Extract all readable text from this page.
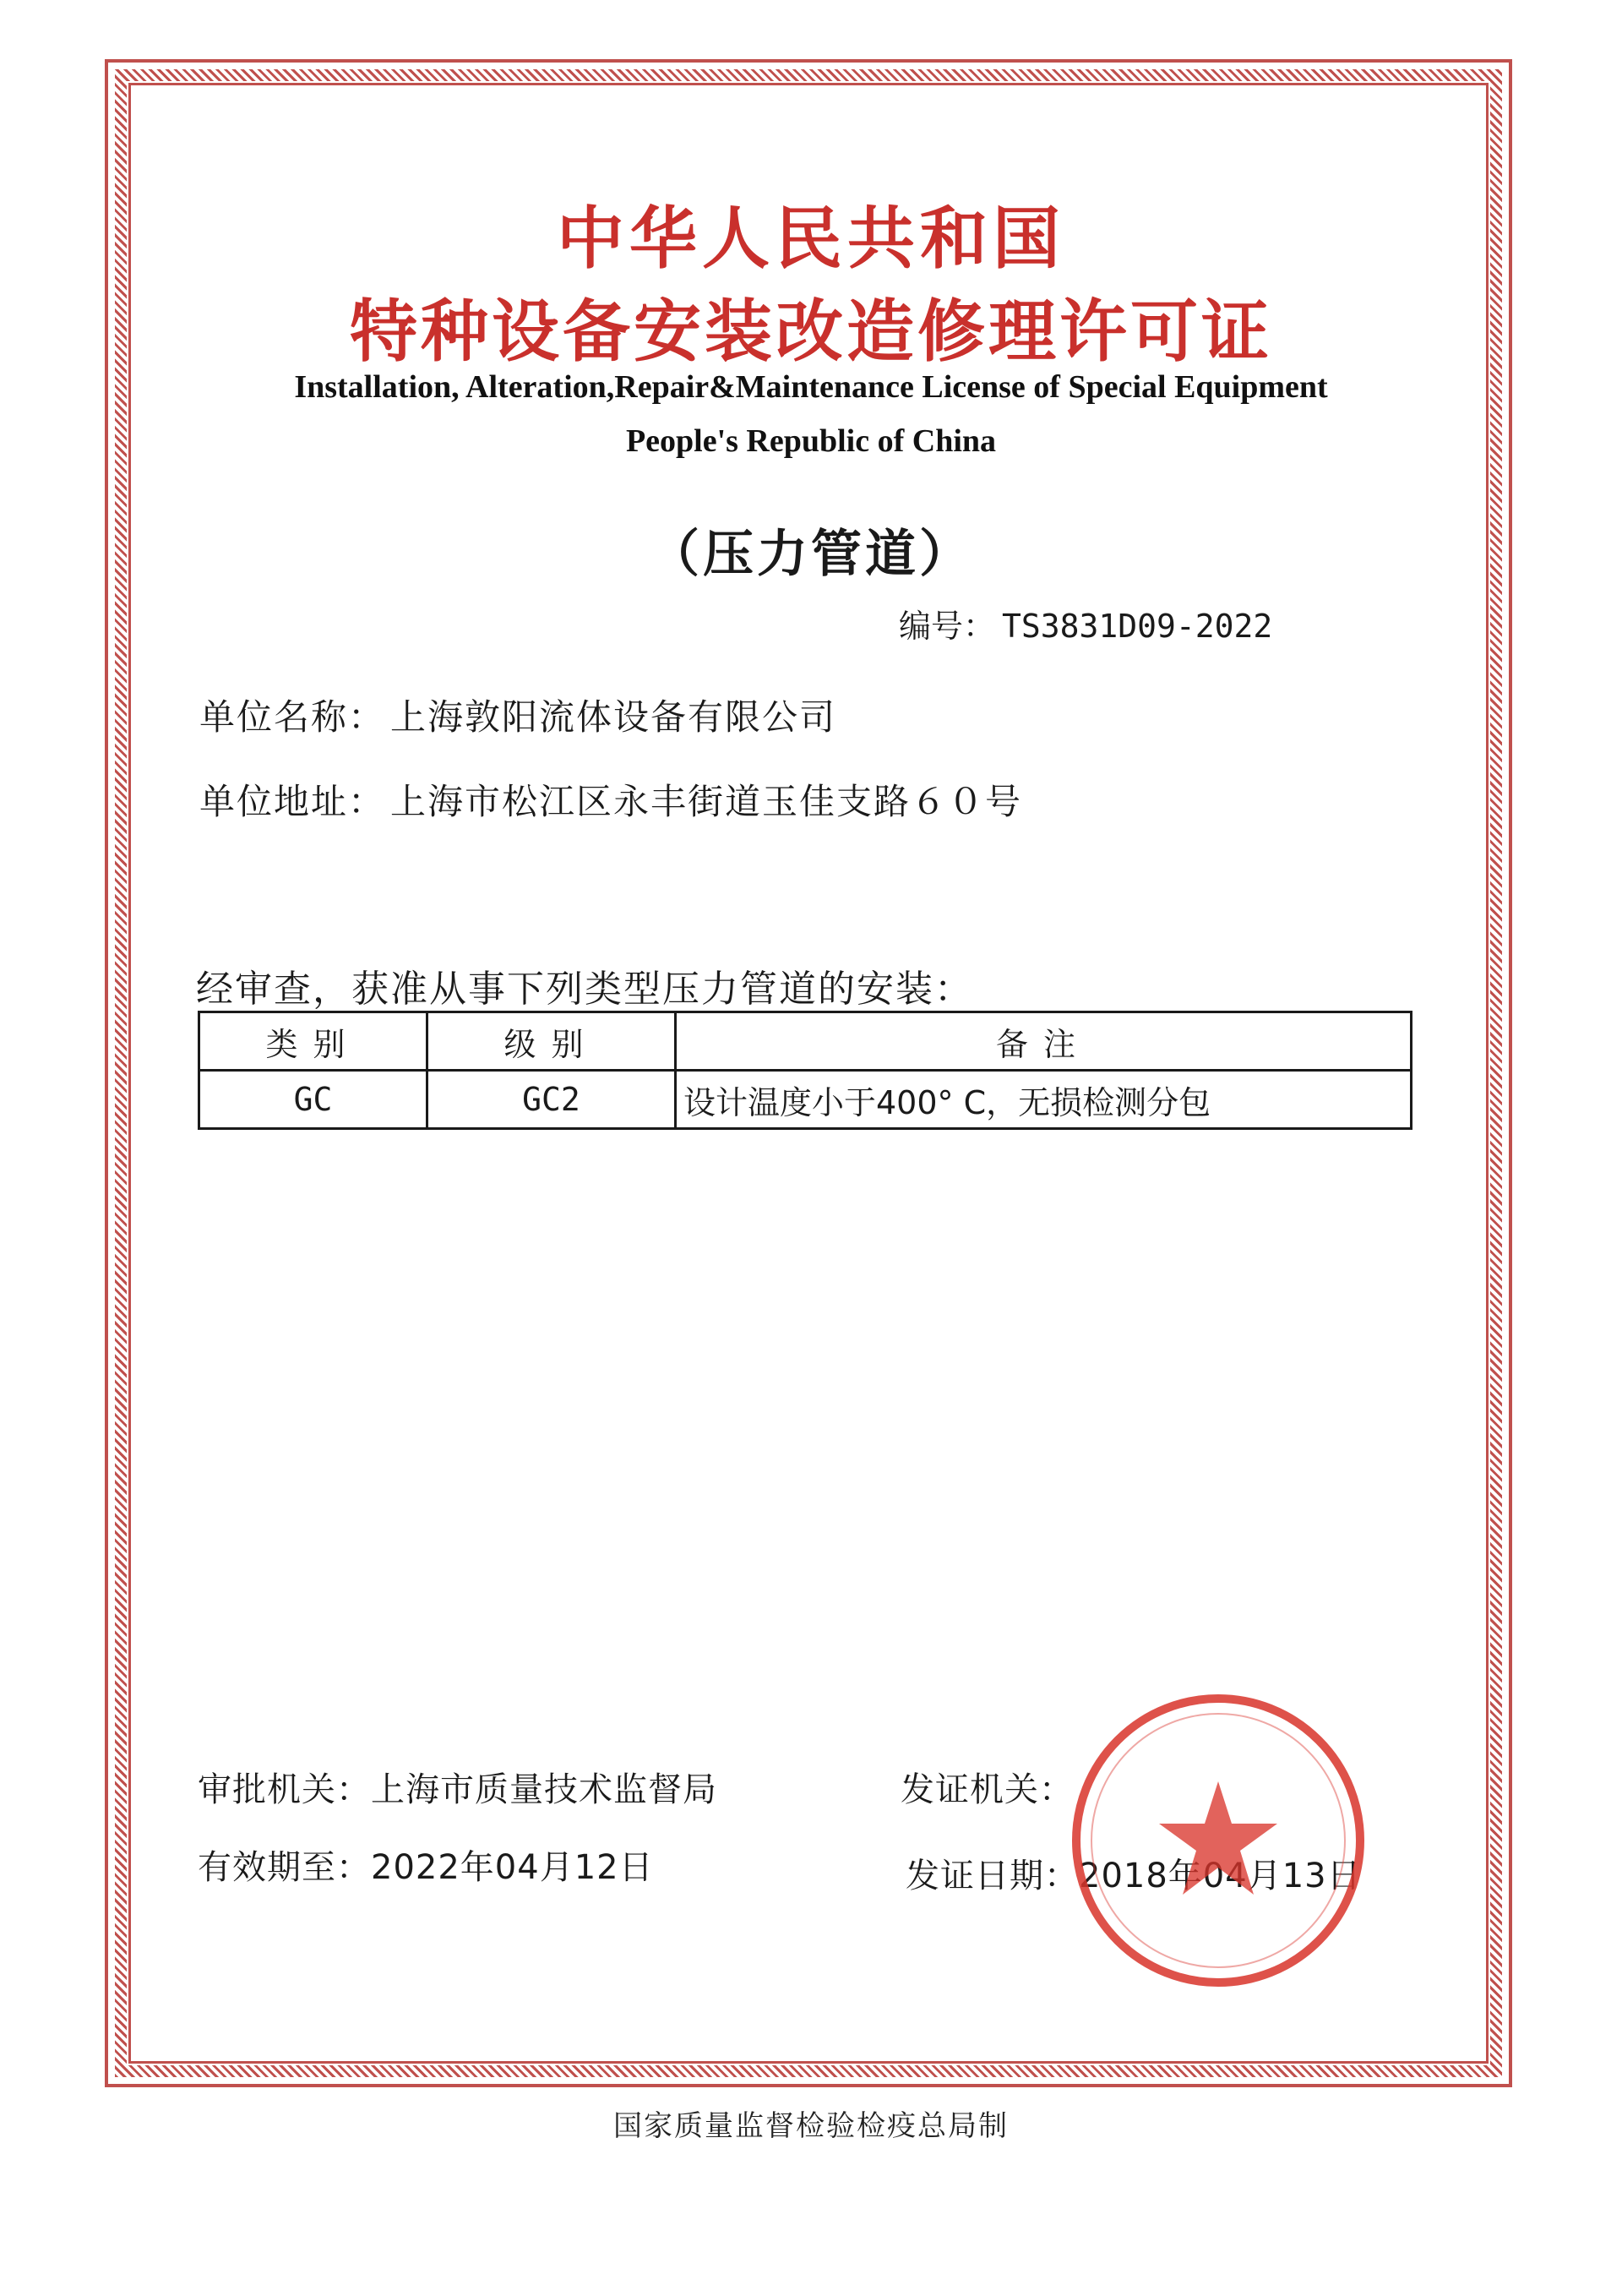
中华人民共和国
特种设备安装改造修理许可证
Installation, Alteration,Repair&Maintenance License of Special Equipment
People's Republic of China
（压力管道）
编号： TS3831D09-2022
单位名称： 上海敦阳流体设备有限公司
单位地址： 上海市松江区永丰街道玉佳支路６０号
经审查，获准从事下列类型压力管道的安装：
类别	级别	备注
GC	GC2	设计温度小于400° C，无损检测分包
审批机关：上海市质量技术监督局
有效期至：2022年04月12日
发证机关：
发证日期：2018年04月13日
国家质量监督检验检疫总局制
